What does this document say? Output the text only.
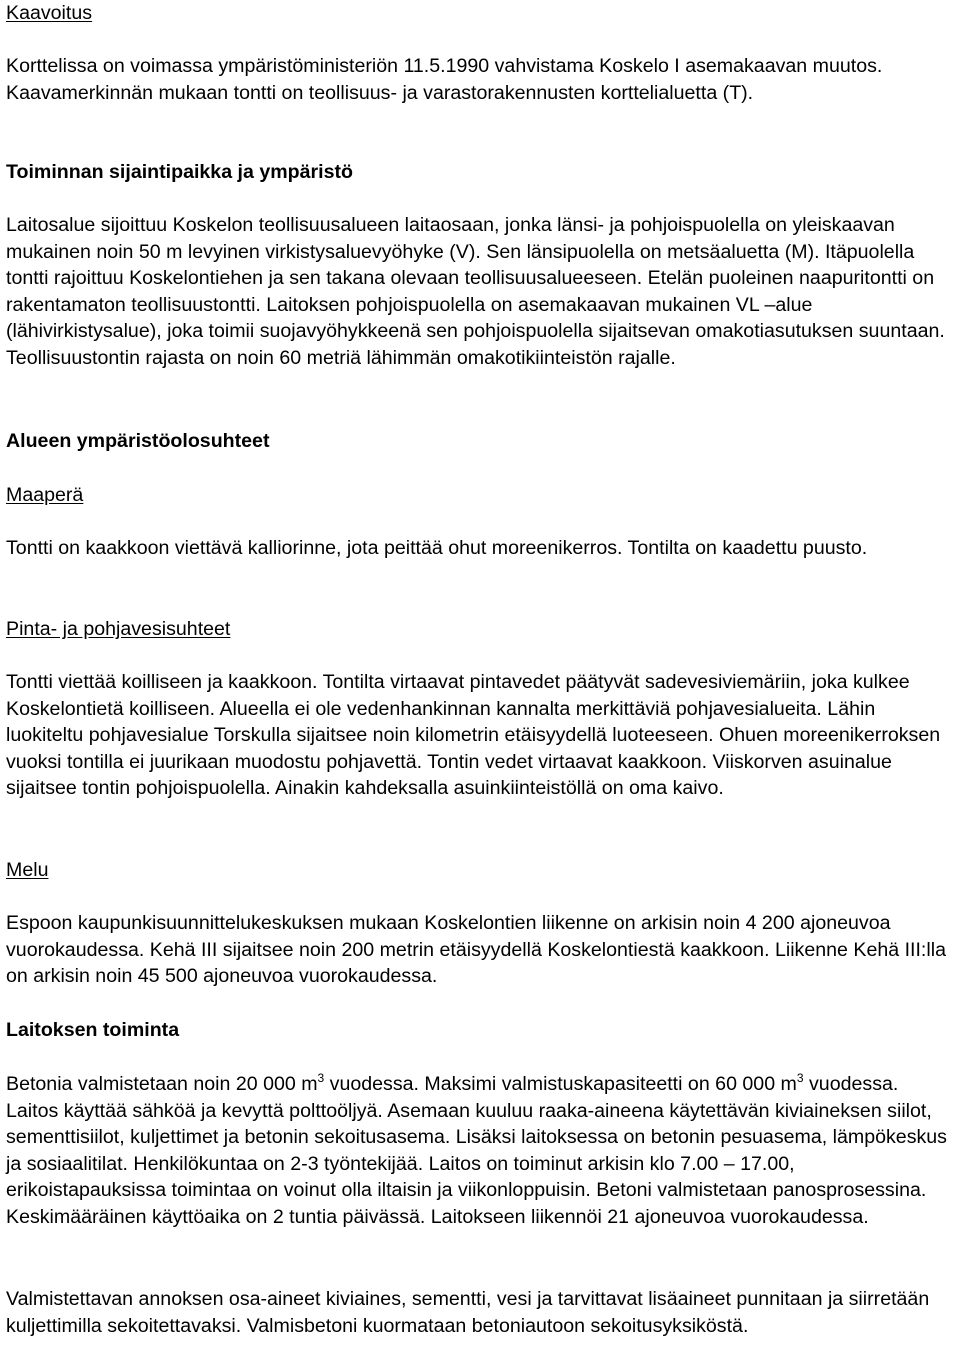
Kaavoitus

Korttelissa on voimassa ympäristöministeriön 11.5.1990 vahvistama Koskelo I asemakaavan muutos. Kaavamerkinnän mukaan tontti on teollisuus- ja varastorakennusten korttelialuetta (T).

Toiminnan sijaintipaikka ja ympäristö

Laitosalue sijoittuu Koskelon teollisuusalueen laitaosaan, jonka länsi- ja pohjoispuolella on yleiskaavan mukainen noin 50 m levyinen virkistysaluevyöhyke (V). Sen länsipuolella on metsäaluetta (M). Itäpuolella tontti rajoittuu Koskelontiehen ja sen takana olevaan teollisuusalueeseen. Etelän puoleinen naapuritontti on rakentamaton teollisuustontti. Laitoksen pohjoispuolella on asemakaavan mukainen VL –alue (lähivirkistysalue), joka toimii suojavyöhykkeenä sen pohjoispuolella sijaitsevan omakotiasutuksen suuntaan. Teollisuustontin rajasta on noin 60 metriä lähimmän omakotikiinteistön rajalle.

Alueen ympäristöolosuhteet
Maaperä

Tontti on kaakkoon viettävä kalliorinne, jota peittää ohut moreenikerros. Tontilta on kaadettu puusto.

Pinta- ja pohjavesisuhteet

Tontti viettää koilliseen ja kaakkoon. Tontilta virtaavat pintavedet päätyvät sadevesiviemäriin, joka kulkee Koskelontietä koilliseen. Alueella ei ole vedenhankinnan kannalta merkittäviä pohjavesialueita. Lähin luokiteltu pohjavesialue Torskulla sijaitsee noin kilometrin etäisyydellä luoteeseen. Ohuen moreenikerroksen vuoksi tontilla ei juurikaan muodostu pohjavettä. Tontin vedet virtaavat kaakkoon. Viiskorven asuinalue sijaitsee tontin pohjoispuolella. Ainakin kahdeksalla asuinkiinteistöllä on oma kaivo.

Melu

Espoon kaupunkisuunnittelukeskuksen mukaan Koskelontien liikenne on arkisin noin 4 200 ajoneuvoa vuorokaudessa. Kehä III sijaitsee noin 200 metrin etäisyydellä Koskelontiestä kaakkoon. Liikenne Kehä III:lla on arkisin noin 45 500 ajoneuvoa vuorokaudessa.

Laitoksen toiminta

Betonia valmistetaan noin 20 000 $m^3$ vuodessa. Maksimi valmistuskapasiteetti on 60 000 $m^3$ vuodessa. Laitos käyttää sähköä ja kevyttä polttoöljyä. Asemaan kuuluu raaka-aineena käytettävän kiviaineksen siilot, sementtisiilot, kuljettimet ja betonin sekoitusasema. Lisäksi laitoksessa on betonin pesuasema, lämpökeskus ja sosiaalitilat. Henkilökuntaa on 2-3 työntekijää. Laitos on toiminut arkisin klo 7.00 – 17.00, erikoistapauksissa toimintaa on voinut olla iltaisin ja viikonloppuisin. Betoni valmistetaan panosprosessina. Keskimääräinen käyttöaika on 2 tuntia päivässä. Laitokseen liikennöi 21 ajoneuvoa vuorokaudessa.

Valmistettavan annoksen osa-aineet kiviaines, sementti, vesi ja tarvittavat lisäaineet punnitaan ja siirretään kuljettimilla sekoitettavaksi. Valmisbetoni kuormataan betoniautoon sekoitusyksiköstä.
